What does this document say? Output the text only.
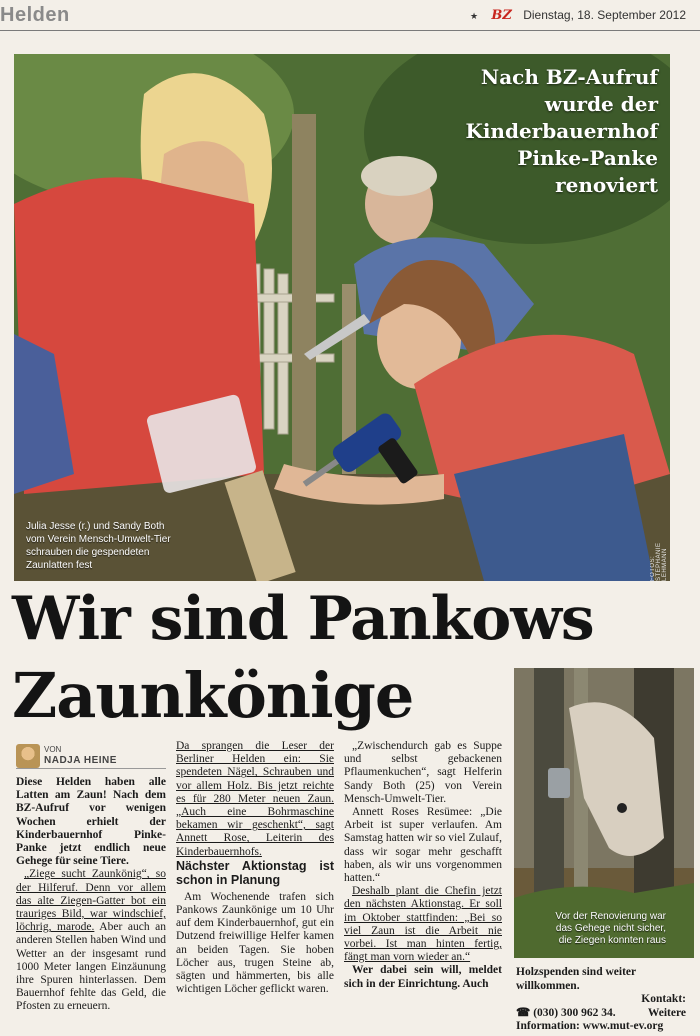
Helden	★ BZ Dienstag, 18. September 2012
Nach BZ-Aufruf
wurde der
Kinderbauernhof
Pinke-Panke
renoviert
Julia Jesse (r.) und Sandy Both
vom Verein Mensch-Umwelt-Tier
schrauben die gespendeten
Zaunlatten fest	FOTOS: STEPHANIE LEHMANN
Wir sind Pankows
Zaunkönige
VON
NADJA HEINE

Diese Helden haben alle Latten am Zaun! Nach dem BZ-Aufruf vor wenigen Wochen erhielt der Kinderbauernhof Pinke-Panke jetzt endlich neue Gehege für seine Tiere.

„Ziege sucht Zaunkönig“, so der Hilferuf. Denn vor allem das alte Ziegen-Gatter bot ein trauriges Bild, war windschief, löchrig, marode. Aber auch an anderen Stellen haben Wind und Wetter an der insgesamt rund 1000 Meter langen Einzäunung ihre Spuren hinterlassen. Dem Bauernhof fehlte das Geld, die Pfosten zu erneuern.

Da sprangen die Leser der Berliner Helden ein: Sie spendeten Nägel, Schrauben und vor allem Holz. Bis jetzt reichte es für 280 Meter neuen Zaun. „Auch eine Bohrmaschine bekamen wir geschenkt“, sagt Annett Rose, Leiterin des Kinderbauernhofs.

Nächster Aktionstag ist schon in Planung

Am Wochenende trafen sich Pankows Zaunkönige um 10 Uhr auf dem Kinderbauernhof, gut ein Dutzend freiwillige Helfer kamen an beiden Tagen. Sie hoben Löcher aus, trugen Steine ab, sägten und hämmerten, bis alle wichtigen Löcher geflickt waren.

„Zwischendurch gab es Suppe und selbst gebackenen Pflaumenkuchen“, sagt Helferin Sandy Both (25) von Verein Mensch-Umwelt-Tier.

Annett Roses Resümee: „Die Arbeit ist super verlaufen. Am Samstag hatten wir so viel Zulauf, dass wir sogar mehr geschafft haben, als wir uns vorgenommen hatten.“

Deshalb plant die Chefin jetzt den nächsten Aktionstag. Er soll im Oktober stattfinden: „Bei so viel Zaun ist die Arbeit nie vorbei. Ist man hinten fertig, fängt man vorn wieder an.“

Wer dabei sein will, meldet sich in der Einrichtung. Auch

Vor der Renovierung war
das Gehege nicht sicher,
die Ziegen konnten raus
Holzspenden sind weiter willkommen.
Kontakt:
☎ (030) 300 962 34.	Weitere
Information: www.mut-ev.org
